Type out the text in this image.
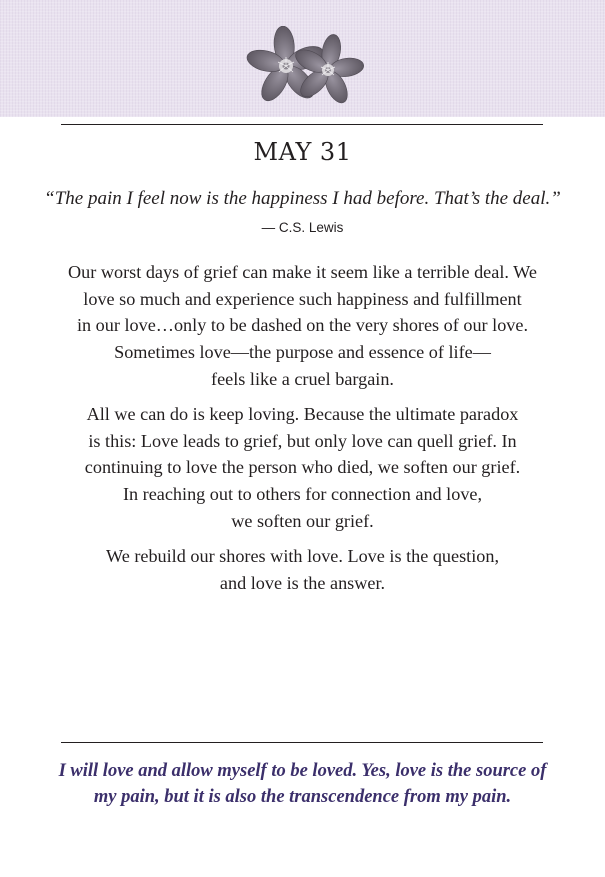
MAY 31
“The pain I feel now is the happiness I had before. That’s the deal.”
— C.S. Lewis

Our worst days of grief can make it seem like a terrible deal. We
love so much and experience such happiness and fulfillment
in our love…only to be dashed on the very shores of our love.
Sometimes love—the purpose and essence of life—
feels like a cruel bargain.

All we can do is keep loving. Because the ultimate paradox
is this: Love leads to grief, but only love can quell grief. In
continuing to love the person who died, we soften our grief.
In reaching out to others for connection and love,
we soften our grief.

We rebuild our shores with love. Love is the question,
and love is the answer.

I will love and allow myself to be loved. Yes, love is the source of
my pain, but it is also the transcendence from my pain.
